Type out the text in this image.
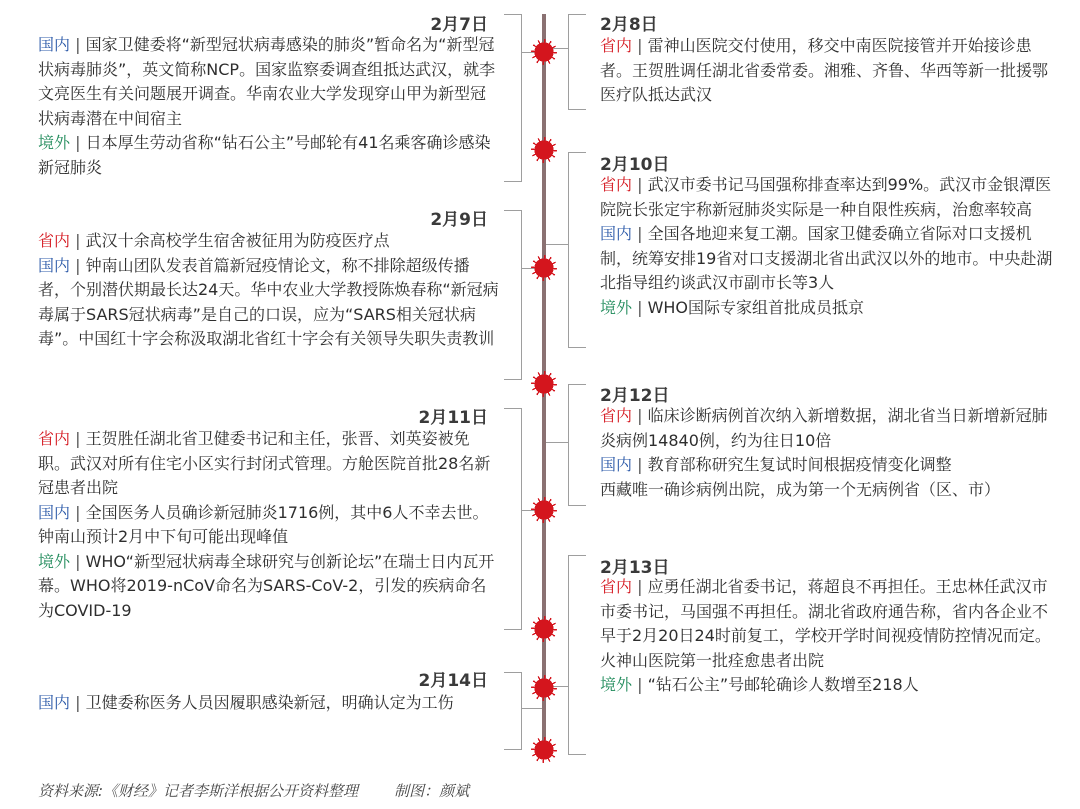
2月7日

国内 | 国家卫健委将“新型冠状病毒感染的肺炎”暂命名为“新型冠状病毒肺炎”，英文简称NCP。国家监察委调查组抵达武汉，就李文亮医生有关问题展开调查。华南农业大学发现穿山甲为新型冠状病毒潜在中间宿主

境外 | 日本厚生劳动省称“钻石公主”号邮轮有41名乘客确诊感染新冠肺炎

2月9日

省内 | 武汉十余高校学生宿舍被征用为防疫医疗点

国内 | 钟南山团队发表首篇新冠疫情论文，称不排除超级传播者，个别潜伏期最长达24天。华中农业大学教授陈焕春称“新冠病毒属于SARS冠状病毒”是自己的口误，应为“SARS相关冠状病毒”。中国红十字会称汲取湖北省红十字会有关领导失职失责教训

2月11日

省内 | 王贺胜任湖北省卫健委书记和主任，张晋、刘英姿被免职。武汉对所有住宅小区实行封闭式管理。方舱医院首批28名新冠患者出院

国内 | 全国医务人员确诊新冠肺炎1716例，其中6人不幸去世。钟南山预计2月中下旬可能出现峰值

境外 | WHO“新型冠状病毒全球研究与创新论坛”在瑞士日内瓦开幕。WHO将2019-nCoV命名为SARS-CoV-2，引发的疾病命名为COVID-19

2月14日

国内 | 卫健委称医务人员因履职感染新冠，明确认定为工伤

2月8日

省内 | 雷神山医院交付使用，移交中南医院接管并开始接诊患者。王贺胜调任湖北省委常委。湘雅、齐鲁、华西等新一批援鄂医疗队抵达武汉

2月10日

省内 | 武汉市委书记马国强称排查率达到99%。武汉市金银潭医院院长张定宇称新冠肺炎实际是一种自限性疾病，治愈率较高

国内 | 全国各地迎来复工潮。国家卫健委确立省际对口支援机制，统筹安排19省对口支援湖北省出武汉以外的地市。中央赴湖北指导组约谈武汉市副市长等3人

境外 | WHO国际专家组首批成员抵京

2月12日

省内 | 临床诊断病例首次纳入新增数据，湖北省当日新增新冠肺炎病例14840例，约为往日10倍

国内 | 教育部称研究生复试时间根据疫情变化调整

西藏唯一确诊病例出院，成为第一个无病例省（区、市）

2月13日

省内 | 应勇任湖北省委书记，蒋超良不再担任。王忠林任武汉市市委书记，马国强不再担任。湖北省政府通告称，省内各企业不早于2月20日24时前复工，学校开学时间视疫情防控情况而定。火神山医院第一批痊愈患者出院

境外 | “钻石公主”号邮轮确诊人数增至218人

资料来源:《财经》记者李斯洋根据公开资料整理 制图：颜斌
